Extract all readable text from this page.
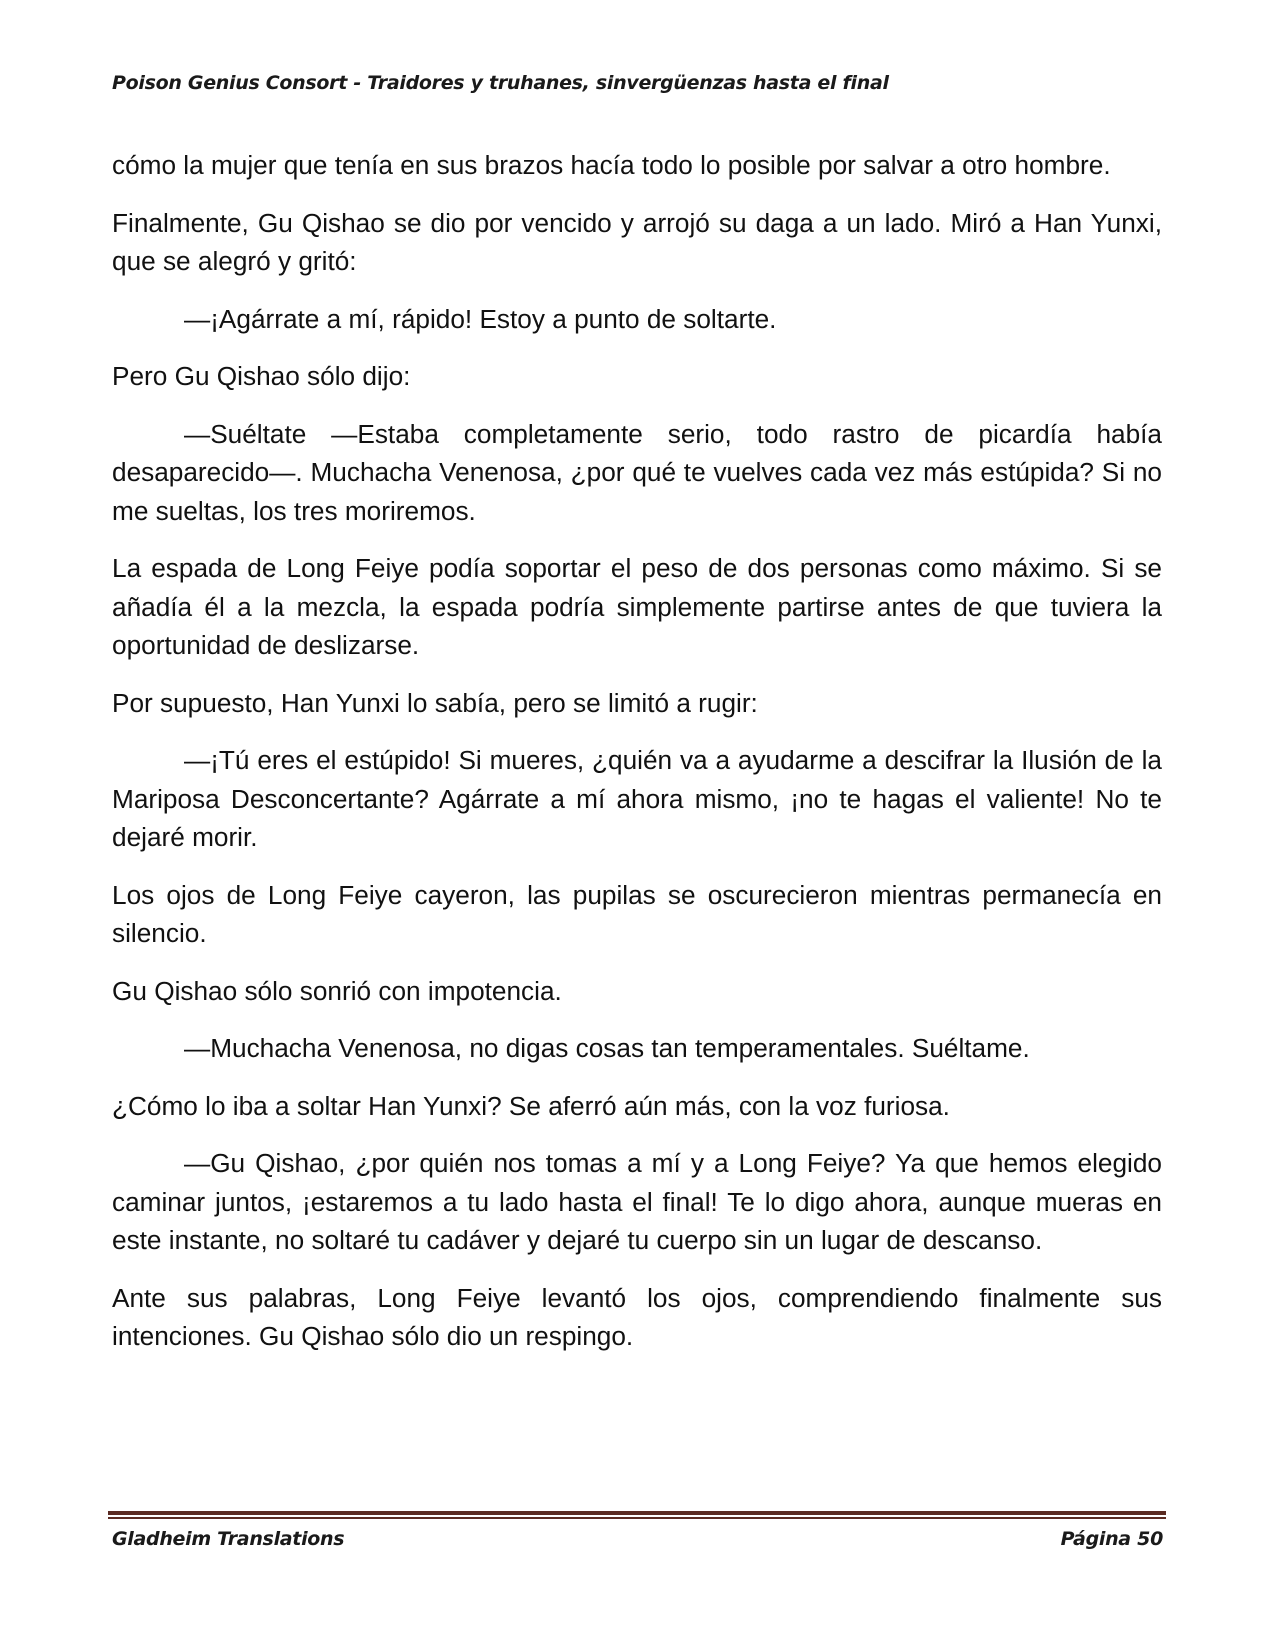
Poison Genius Consort - Traidores y truhanes, sinvergüenzas hasta el final

cómo la mujer que tenía en sus brazos hacía todo lo posible por salvar a otro hombre.

Finalmente, Gu Qishao se dio por vencido y arrojó su daga a un lado. Miró a Han Yunxi, que se alegró y gritó:

—¡Agárrate a mí, rápido! Estoy a punto de soltarte.

Pero Gu Qishao sólo dijo:

—Suéltate —Estaba completamente serio, todo rastro de picardía había desaparecido—. Muchacha Venenosa, ¿por qué te vuelves cada vez más estúpida? Si no me sueltas, los tres moriremos.

La espada de Long Feiye podía soportar el peso de dos personas como máximo. Si se añadía él a la mezcla, la espada podría simplemente partirse antes de que tuviera la oportunidad de deslizarse.

Por supuesto, Han Yunxi lo sabía, pero se limitó a rugir:

—¡Tú eres el estúpido! Si mueres, ¿quién va a ayudarme a descifrar la Ilusión de la Mariposa Desconcertante? Agárrate a mí ahora mismo, ¡no te hagas el valiente! No te dejaré morir.

Los ojos de Long Feiye cayeron, las pupilas se oscurecieron mientras permanecía en silencio.

Gu Qishao sólo sonrió con impotencia.

—Muchacha Venenosa, no digas cosas tan temperamentales. Suéltame.

¿Cómo lo iba a soltar Han Yunxi? Se aferró aún más, con la voz furiosa.

—Gu Qishao, ¿por quién nos tomas a mí y a Long Feiye? Ya que hemos elegido caminar juntos, ¡estaremos a tu lado hasta el final! Te lo digo ahora, aunque mueras en este instante, no soltaré tu cadáver y dejaré tu cuerpo sin un lugar de descanso.

Ante sus palabras, Long Feiye levantó los ojos, comprendiendo finalmente sus intenciones. Gu Qishao sólo dio un respingo.

Gladheim Translations	Página 50
